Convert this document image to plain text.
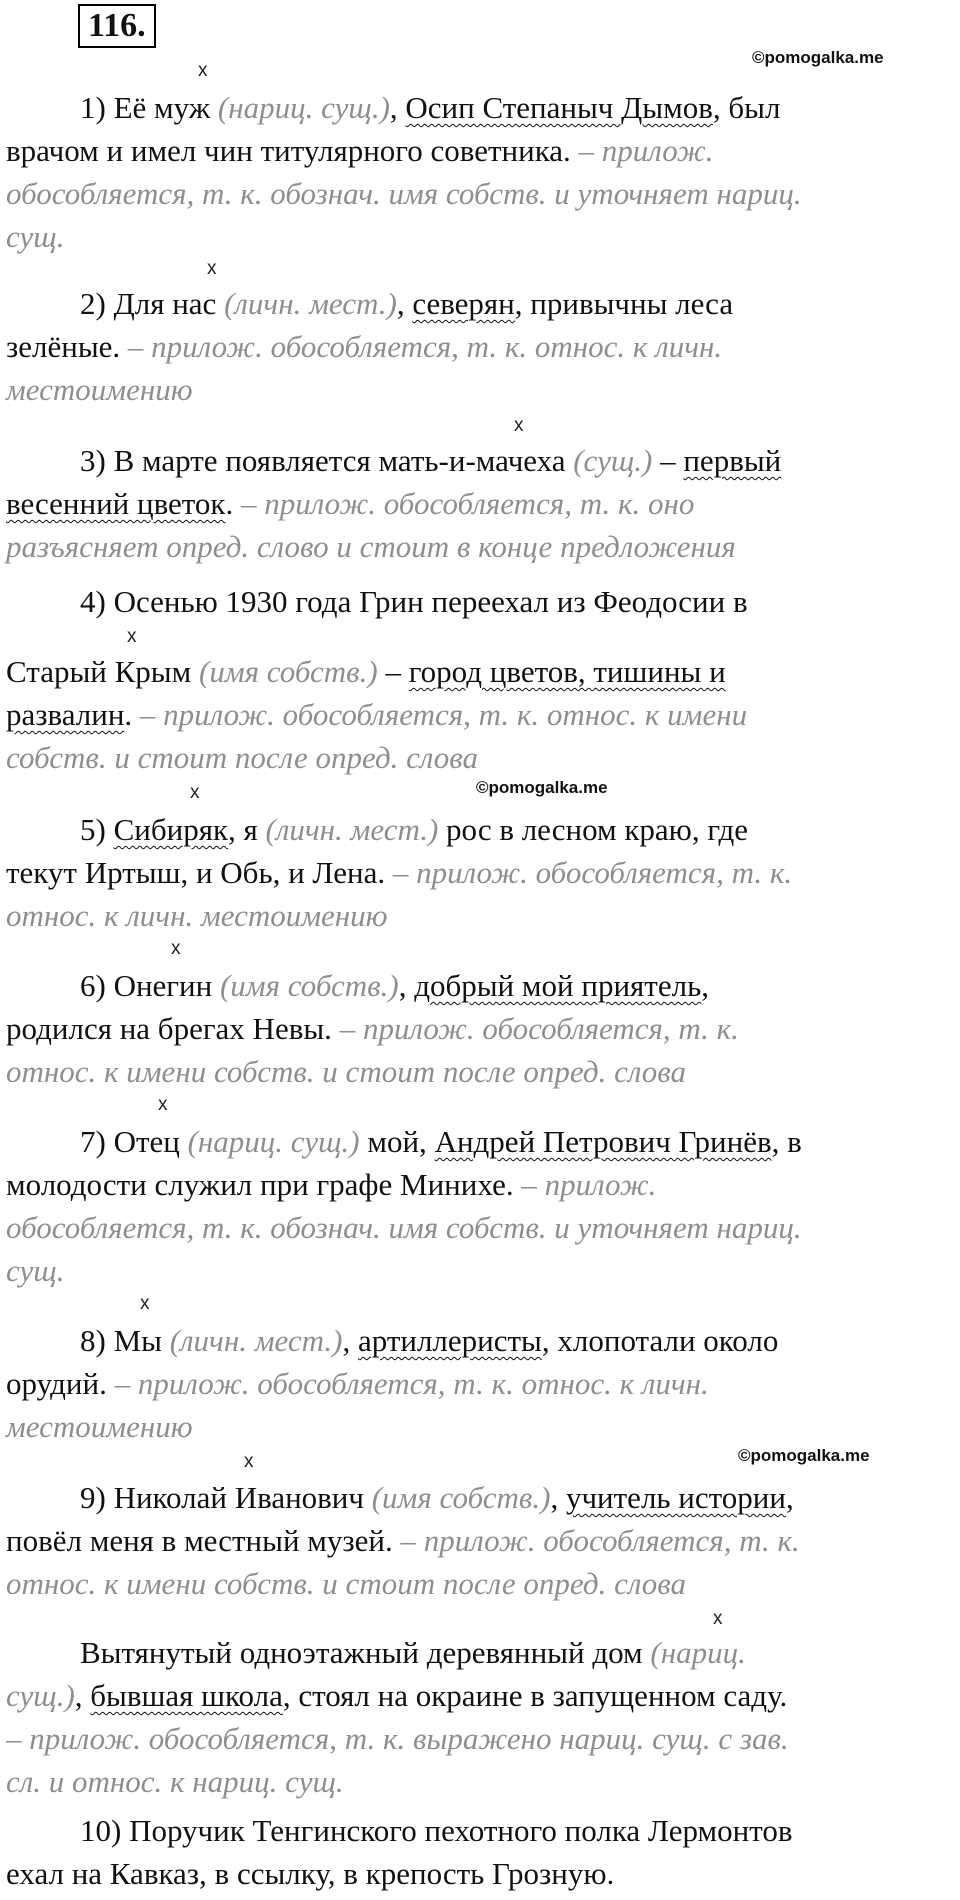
116.
©pomogalka.me
©pomogalka.me
©pomogalka.me
x
x
x
x
x
x
x
x
x
x
1) Её муж (нариц. сущ.), Осип Степаныч Дымов, был
врачом и имел чин титулярного советника. – прилож.
обособляется, т. к. обознач. имя собств. и уточняет нариц.
сущ.
2) Для нас (личн. мест.), северян, привычны леса
зелёные. – прилож. обособляется, т. к. относ. к личн.
местоимению
3) В марте появляется мать-и-мачеха (сущ.) – первый
весенний цветок. – прилож. обособляется, т. к. оно
разъясняет опред. слово и стоит в конце предложения
4) Осенью 1930 года Грин переехал из Феодосии в
Старый Крым (имя собств.) – город цветов, тишины и
развалин. – прилож. обособляется, т. к. относ. к имени
собств. и стоит после опред. слова
5) Сибиряк, я (личн. мест.) рос в лесном краю, где
текут Иртыш, и Обь, и Лена. – прилож. обособляется, т. к.
относ. к личн. местоимению
6) Онегин (имя собств.), добрый мой приятель,
родился на брегах Невы. – прилож. обособляется, т. к.
относ. к имени собств. и стоит после опред. слова
7) Отец (нариц. сущ.) мой, Андрей Петрович Гринёв, в
молодости служил при графе Минихе. – прилож.
обособляется, т. к. обознач. имя собств. и уточняет нариц.
сущ.
8) Мы (личн. мест.), артиллеристы, хлопотали около
орудий. – прилож. обособляется, т. к. относ. к личн.
местоимению
9) Николай Иванович (имя собств.), учитель истории,
повёл меня в местный музей. – прилож. обособляется, т. к.
относ. к имени собств. и стоит после опред. слова
Вытянутый одноэтажный деревянный дом (нариц.
сущ.), бывшая школа, стоял на окраине в запущенном саду.
– прилож. обособляется, т. к. выражено нариц. сущ. с зав.
сл. и относ. к нариц. сущ.
10) Поручик Тенгинского пехотного полка Лермонтов
ехал на Кавказ, в ссылку, в крепость Грозную.
